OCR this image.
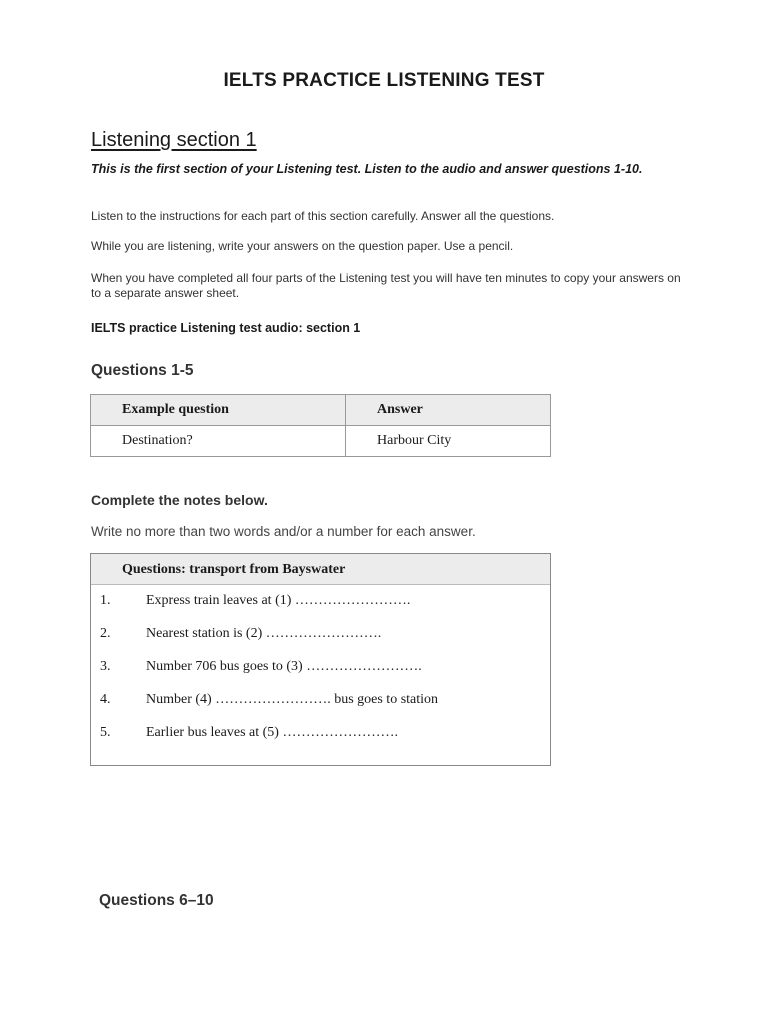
IELTS PRACTICE LISTENING TEST
Listening section 1
This is the first section of your Listening test. Listen to the audio and answer questions 1-10.
Listen to the instructions for each part of this section carefully. Answer all the questions.
While you are listening, write your answers on the question paper. Use a pencil.
When you have completed all four parts of the Listening test you will have ten minutes to copy your answers on to a separate answer sheet.
IELTS practice Listening test audio: section 1
Questions 1-5
Example question	Answer
Destination?	Harbour City
Complete the notes below.
Write no more than two words and/or a number for each answer.
Questions: transport from Bayswater
1.	Express train leaves at (1) …………………….
2.	Nearest station is (2) …………………….
3.	Number 706 bus goes to (3) …………………….
4.	Number (4) ……………………. bus goes to station
5.	Earlier bus leaves at (5) …………………….
Questions 6–10
